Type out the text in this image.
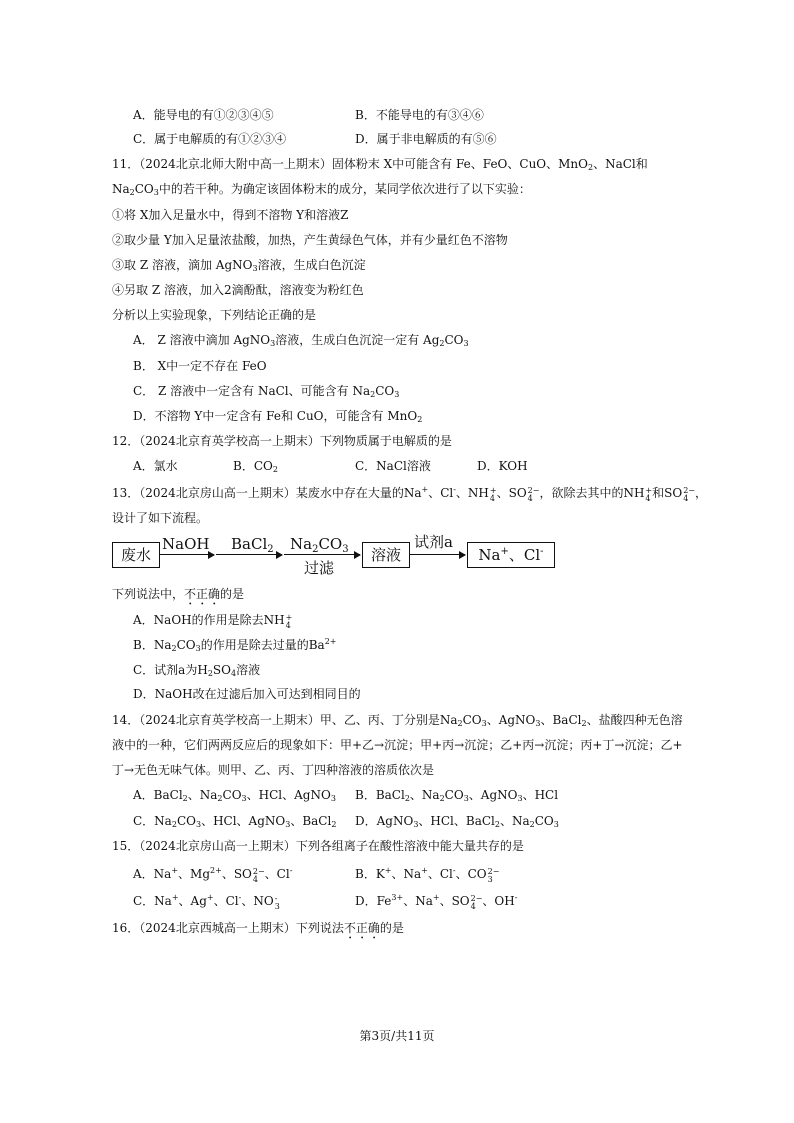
A．能导电的有①②③④⑤	B．不能导电的有③④⑥
C．属于电解质的有①②③④	D．属于非电解质的有⑤⑥
11．（2024北京北师大附中高一上期末）固体粉末 X中可能含有 Fe、FeO、CuO、MnO$_2$、NaCl和
$Na_2CO_3$中的若干种。为确定该固体粉末的成分，某同学依次进行了以下实验：
①将 X加入足量水中，得到不溶物 Y和溶液Z
②取少量 Y加入足量浓盐酸，加热，产生黄绿色气体，并有少量红色不溶物
③取 Z 溶液，滴加 AgNO$_3$溶液，生成白色沉淀
④另取 Z 溶液，加入2滴酚酞，溶液变为粉红色
分析以上实验现象，下列结论正确的是
A． Z 溶液中滴加 AgNO$_3$溶液，生成白色沉淀一定有 $Ag_2CO_3$
B． X中一定不存在 FeO
C． Z 溶液中一定含有 NaCl、可能含有 $Na_2CO_3$
D．不溶物 Y中一定含有 Fe和 CuO，可能含有 MnO$_2$
12．（2024北京育英学校高一上期末）下列物质属于电解质的是
A．氯水	B．$CO_2$	C．NaCl溶液	D．KOH
13．（2024北京房山高一上期末）某废水中存在大量的Na+、Cl-、NH +
4 、SO 2−
4 ，欲除去其中的NH +
4 和SO 2−
4 ，
设计了如下流程。
废水
NaOH BaCl$_2$ $Na_2CO_3$
过滤
溶液
试剂a
Na+、Cl-
下列说法中，不正确的是
A．NaOH的作用是除去NH +
4
B．$Na_2CO_3$的作用是除去过量的$Ba^{2+}$
C．试剂a为$H_2SO_4$溶液
D．NaOH改在过滤后加入可达到相同目的
14．（2024北京育英学校高一上期末）甲、乙、丙、丁分别是$Na_2CO_3$、AgNO$_3$、BaCl$_2$、盐酸四种无色溶
液中的一种，它们两两反应后的现象如下：甲+乙→沉淀；甲+丙→沉淀；乙+丙→沉淀；丙+丁→沉淀；乙+
丁→无色无味气体。则甲、乙、丙、丁四种溶液的溶质依次是
A．BaCl$_2$、$Na_2CO_3$、HCl、AgNO$_3$ B．BaCl$_2$、$Na_2CO_3$、AgNO$_3$、HCl
C．$Na_2CO_3$、HCl、AgNO$_3$、BaCl$_2$ D．AgNO$_3$、HCl、BaCl$_2$、$Na_2CO_3$
15．（2024北京房山高一上期末）下列各组离子在酸性溶液中能大量共存的是
A．Na+、$Mg^{2+}$、SO 2−
4 、Cl-	B．K+、Na+、Cl-、CO 2−
3
C．Na+、Ag+、Cl-、NO -
3	D．$Fe^{3+}$、Na+、SO 2−
4 、OH-
16．（2024北京西城高一上期末）下列说法不正确的是
第3页/共11页
